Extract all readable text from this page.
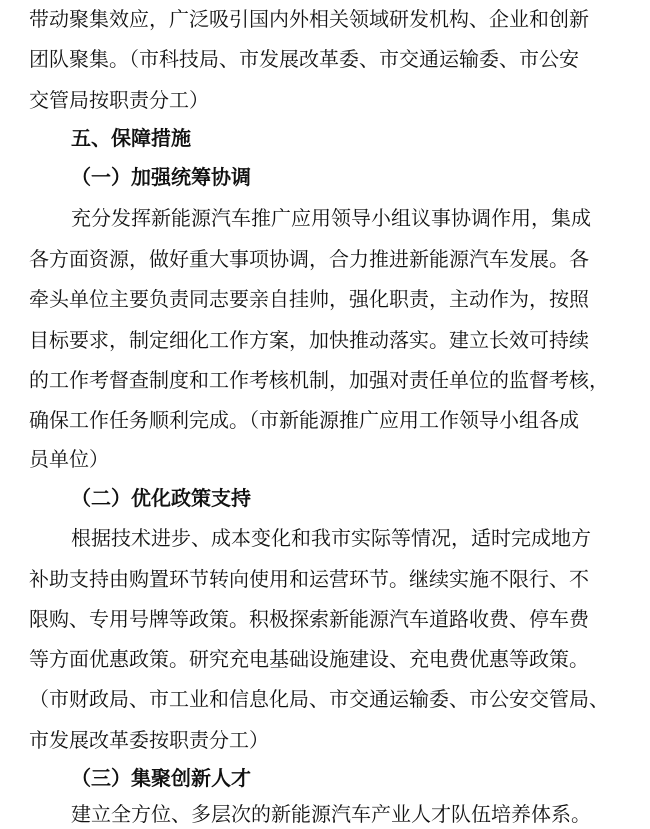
带动聚集效应，广泛吸引国内外相关领域研发机构、企业和创新
团队聚集。（市科技局、市发展改革委、市交通运输委、市公安
交管局按职责分工）
五、保障措施
（一）加强统筹协调
充分发挥新能源汽车推广应用领导小组议事协调作用，集成
各方面资源，做好重大事项协调，合力推进新能源汽车发展。各
牵头单位主要负责同志要亲自挂帅，强化职责，主动作为，按照
目标要求，制定细化工作方案，加快推动落实。建立长效可持续
的工作考督查制度和工作考核机制，加强对责任单位的监督考核，
确保工作任务顺利完成。（市新能源推广应用工作领导小组各成
员单位）
（二）优化政策支持
根据技术进步、成本变化和我市实际等情况，适时完成地方
补助支持由购置环节转向使用和运营环节。继续实施不限行、不
限购、专用号牌等政策。积极探索新能源汽车道路收费、停车费
等方面优惠政策。研究充电基础设施建设、充电费优惠等政策。
（市财政局、市工业和信息化局、市交通运输委、市公安交管局、
市发展改革委按职责分工）
（三）集聚创新人才
建立全方位、多层次的新能源汽车产业人才队伍培养体系。
